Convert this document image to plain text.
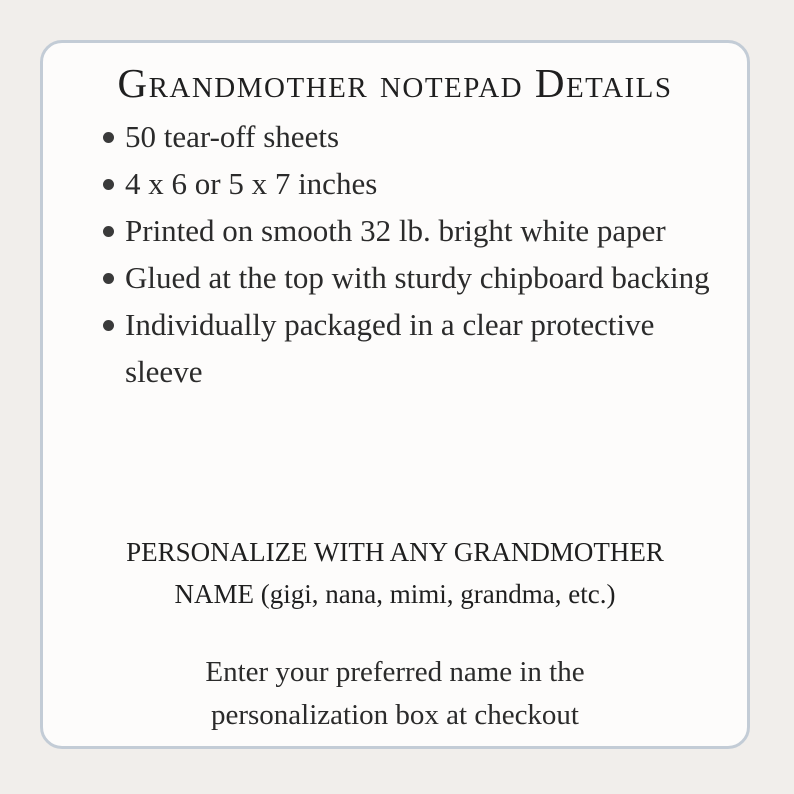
Grandmother notepad Details
50 tear-off sheets
4 x 6 or 5 x 7 inches
Printed on smooth 32 lb. bright white paper
Glued at the top with sturdy chipboard backing
Individually packaged in a clear protective sleeve
PERSONALIZE WITH ANY GRANDMOTHER
NAME (gigi, nana, mimi, grandma, etc.)
Enter your preferred name in the
personalization box at checkout
